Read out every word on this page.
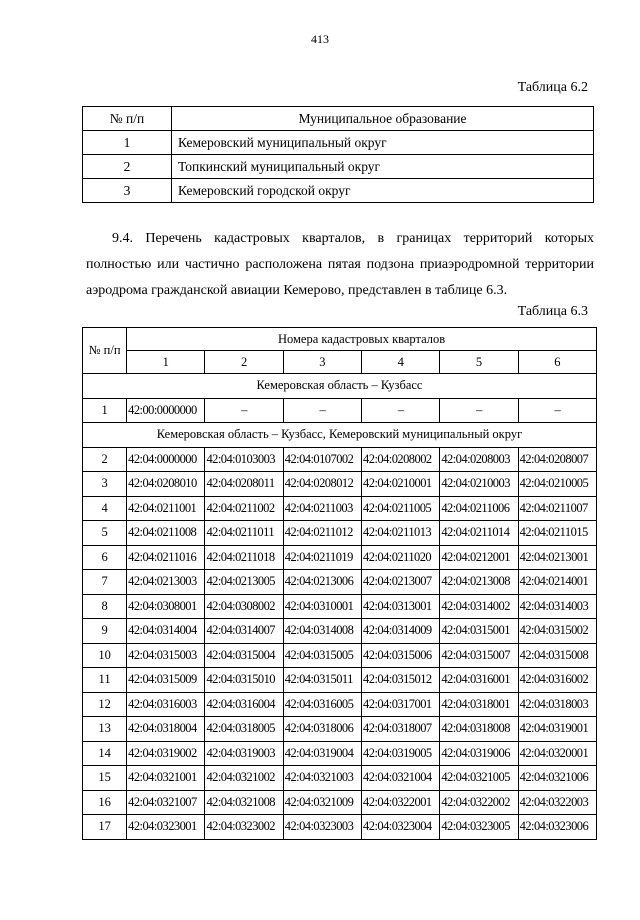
413
Таблица 6.2
№ п/п	Муниципальное образование
1	Кемеровский муниципальный округ
2	Топкинский муниципальный округ
3	Кемеровский городской округ
9.4. Перечень кадастровых кварталов, в границах территорий которых полностью или частично расположена пятая подзона приаэродромной территории аэродрома гражданской авиации Кемерово, представлен в таблице 6.3.
Таблица 6.3
№ п/п	Номера кадастровых кварталов					
	1	2	3	4	5	6
Кемеровская область – Кузбасс						
1	42:00:0000000	–	–	–	–	–
Кемеровская область – Кузбасс, Кемеровский муниципальный округ						
2	42:04:0000000	42:04:0103003	42:04:0107002	42:04:0208002	42:04:0208003	42:04:0208007
3	42:04:0208010	42:04:0208011	42:04:0208012	42:04:0210001	42:04:0210003	42:04:0210005
4	42:04:0211001	42:04:0211002	42:04:0211003	42:04:0211005	42:04:0211006	42:04:0211007
5	42:04:0211008	42:04:0211011	42:04:0211012	42:04:0211013	42:04:0211014	42:04:0211015
6	42:04:0211016	42:04:0211018	42:04:0211019	42:04:0211020	42:04:0212001	42:04:0213001
7	42:04:0213003	42:04:0213005	42:04:0213006	42:04:0213007	42:04:0213008	42:04:0214001
8	42:04:0308001	42:04:0308002	42:04:0310001	42:04:0313001	42:04:0314002	42:04:0314003
9	42:04:0314004	42:04:0314007	42:04:0314008	42:04:0314009	42:04:0315001	42:04:0315002
10	42:04:0315003	42:04:0315004	42:04:0315005	42:04:0315006	42:04:0315007	42:04:0315008
11	42:04:0315009	42:04:0315010	42:04:0315011	42:04:0315012	42:04:0316001	42:04:0316002
12	42:04:0316003	42:04:0316004	42:04:0316005	42:04:0317001	42:04:0318001	42:04:0318003
13	42:04:0318004	42:04:0318005	42:04:0318006	42:04:0318007	42:04:0318008	42:04:0319001
14	42:04:0319002	42:04:0319003	42:04:0319004	42:04:0319005	42:04:0319006	42:04:0320001
15	42:04:0321001	42:04:0321002	42:04:0321003	42:04:0321004	42:04:0321005	42:04:0321006
16	42:04:0321007	42:04:0321008	42:04:0321009	42:04:0322001	42:04:0322002	42:04:0322003
17	42:04:0323001	42:04:0323002	42:04:0323003	42:04:0323004	42:04:0323005	42:04:0323006
